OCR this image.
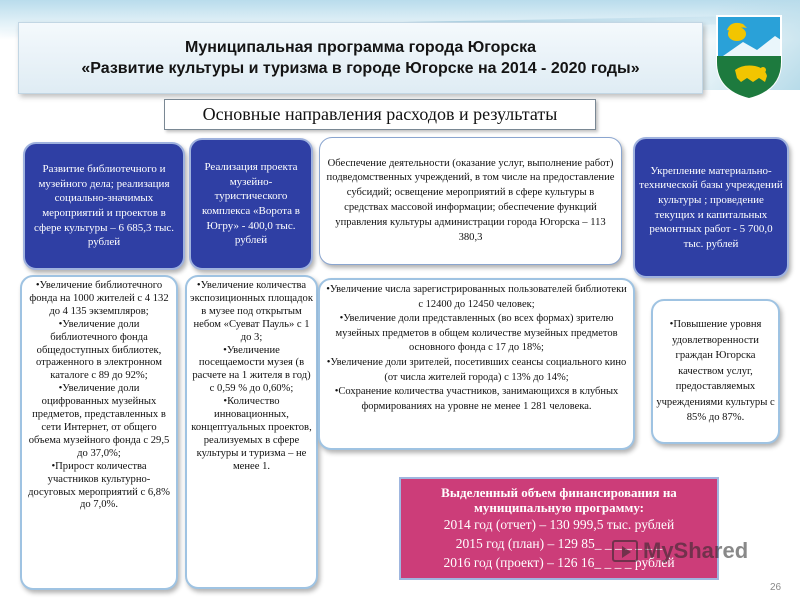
Муниципальная программа города Югорска
«Развитие культуры и туризма в городе Югорске на 2014 - 2020 годы»
Основные направления расходов и результаты
Развитие библиотечного и музейного дела; реализация социально-значимых мероприятий и проектов в сфере культуры – 6 685,3 тыс. рублей
Реализация проекта музейно-туристического комплекса «Ворота в Югру» - 400,0 тыс. рублей
Обеспечение деятельности (оказание услуг, выполнение работ) подведомственных учреждений, в том числе на предоставление субсидий; освещение мероприятий в сфере культуры в средствах массовой информации; обеспечение функций управления культуры администрации города Югорска – 113 380,3
Укрепление материально-технической базы учреждений культуры ; проведение текущих и капитальных ремонтных работ - 5 700,0 тыс. рублей

•Увеличение библиотечного фонда на 1000 жителей с 4 132 до 4 135 экземпляров;

•Увеличение доли библиотечного фонда общедоступных библиотек, отраженного в электронном каталоге с 89 до 92%;

•Увеличение доли оцифрованных музейных предметов, представленных в сети Интернет, от общего объема музейного фонда с 29,5 до 37,0%;

•Прирост количества участников культурно-досуговых мероприятий с 6,8% до 7,0%.

•Увеличение количества экспозиционных площадок в музее под открытым небом «Суеват Пауль» с 1 до 3;

•Увеличение посещаемости музея (в расчете на 1 жителя в год) с 0,59 % до 0,60%;

•Количество инновационных, концептуальных проектов, реализуемых в сфере культуры и туризма – не менее 1.

•Увеличение числа зарегистрированных пользователей библиотеки с 12400 до 12450 человек;

•Увеличение доли представленных (во всех формах) зрителю музейных предметов в общем количестве музейных предметов основного фонда с 17 до 18%;

•Увеличение доли зрителей, посетивших сеансы социального кино (от числа жителей города) с 13% до 14%;

•Сохранение количества участников, занимающихся в клубных формированиях на уровне не менее 1 281 человека.

•Повышение уровня удовлетворенности граждан Югорска качеством услуг, предоставляемых учреждениями культуры с 85% до 87%.

Выделенный объем финансирования на муниципальную программу:
2014 год (отчет) – 130 999,5 тыс. рублей
2015 год (план) – 129 85_ _ _ _ _ _ _
2016 год (проект) – 126 16_ _ _ _ рублей
MyShared
26
